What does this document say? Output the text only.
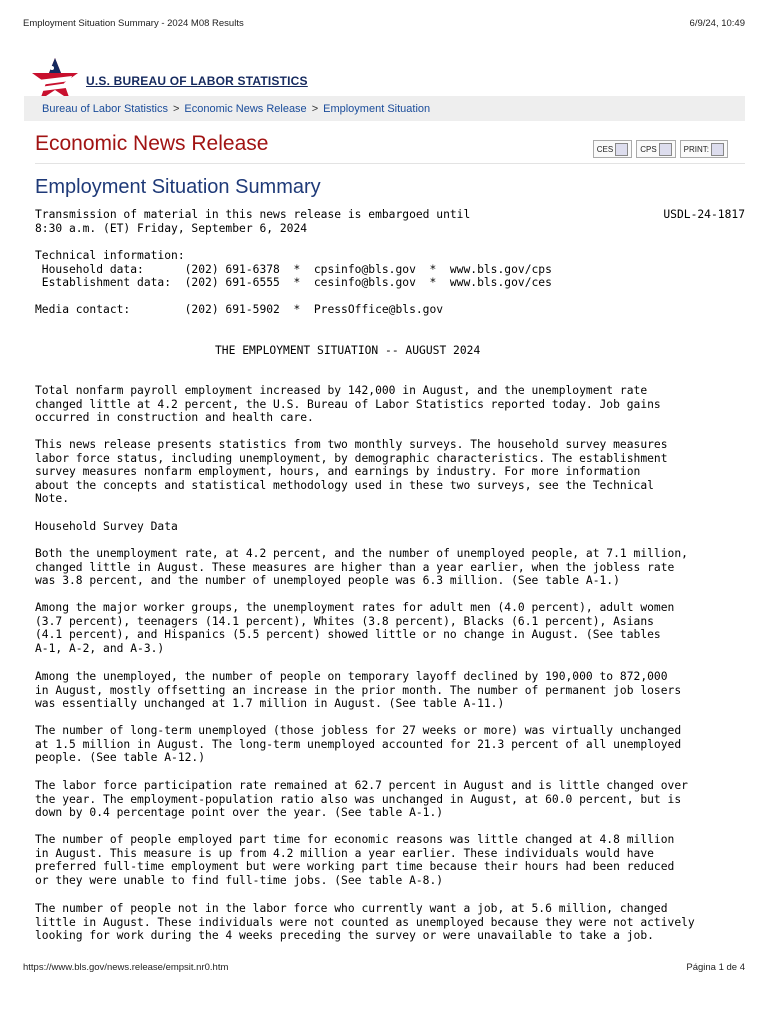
Employment Situation Summary - 2024 M08 Results	6/9/24, 10:49
U.S. BUREAU OF LABOR STATISTICS
Bureau of Labor Statistics > Economic News Release > Employment Situation
Economic News Release	CES	CPS	PRINT:
Employment Situation Summary
Transmission of material in this news release is embargoed until
8:30 a.m. (ET) Friday, September 6, 2024
USDL-24-1817
Technical information:
Household data:      (202) 691-6378  *  cpsinfo@bls.gov  *  www.bls.gov/cps
Establishment data:  (202) 691-6555  *  cesinfo@bls.gov  *  www.bls.gov/ces

Media contact:        (202) 691-5902  *  PressOffice@bls.gov
THE EMPLOYMENT SITUATION -- AUGUST 2024
Total nonfarm payroll employment increased by 142,000 in August, and the unemployment rate
changed little at 4.2 percent, the U.S. Bureau of Labor Statistics reported today. Job gains
occurred in construction and health care.
This news release presents statistics from two monthly surveys. The household survey measures
labor force status, including unemployment, by demographic characteristics. The establishment
survey measures nonfarm employment, hours, and earnings by industry. For more information
about the concepts and statistical methodology used in these two surveys, see the Technical
Note.
Household Survey Data
Both the unemployment rate, at 4.2 percent, and the number of unemployed people, at 7.1 million,
changed little in August. These measures are higher than a year earlier, when the jobless rate
was 3.8 percent, and the number of unemployed people was 6.3 million. (See table A-1.)
Among the major worker groups, the unemployment rates for adult men (4.0 percent), adult women
(3.7 percent), teenagers (14.1 percent), Whites (3.8 percent), Blacks (6.1 percent), Asians
(4.1 percent), and Hispanics (5.5 percent) showed little or no change in August. (See tables
A-1, A-2, and A-3.)
Among the unemployed, the number of people on temporary layoff declined by 190,000 to 872,000
in August, mostly offsetting an increase in the prior month. The number of permanent job losers
was essentially unchanged at 1.7 million in August. (See table A-11.)
The number of long-term unemployed (those jobless for 27 weeks or more) was virtually unchanged
at 1.5 million in August. The long-term unemployed accounted for 21.3 percent of all unemployed
people. (See table A-12.)
The labor force participation rate remained at 62.7 percent in August and is little changed over
the year. The employment-population ratio also was unchanged in August, at 60.0 percent, but is
down by 0.4 percentage point over the year. (See table A-1.)
The number of people employed part time for economic reasons was little changed at 4.8 million
in August. This measure is up from 4.2 million a year earlier. These individuals would have
preferred full-time employment but were working part time because their hours had been reduced
or they were unable to find full-time jobs. (See table A-8.)
The number of people not in the labor force who currently want a job, at 5.6 million, changed
little in August. These individuals were not counted as unemployed because they were not actively
looking for work during the 4 weeks preceding the survey or were unavailable to take a job.
https://www.bls.gov/news.release/empsit.nr0.htm	Página 1 de 4
